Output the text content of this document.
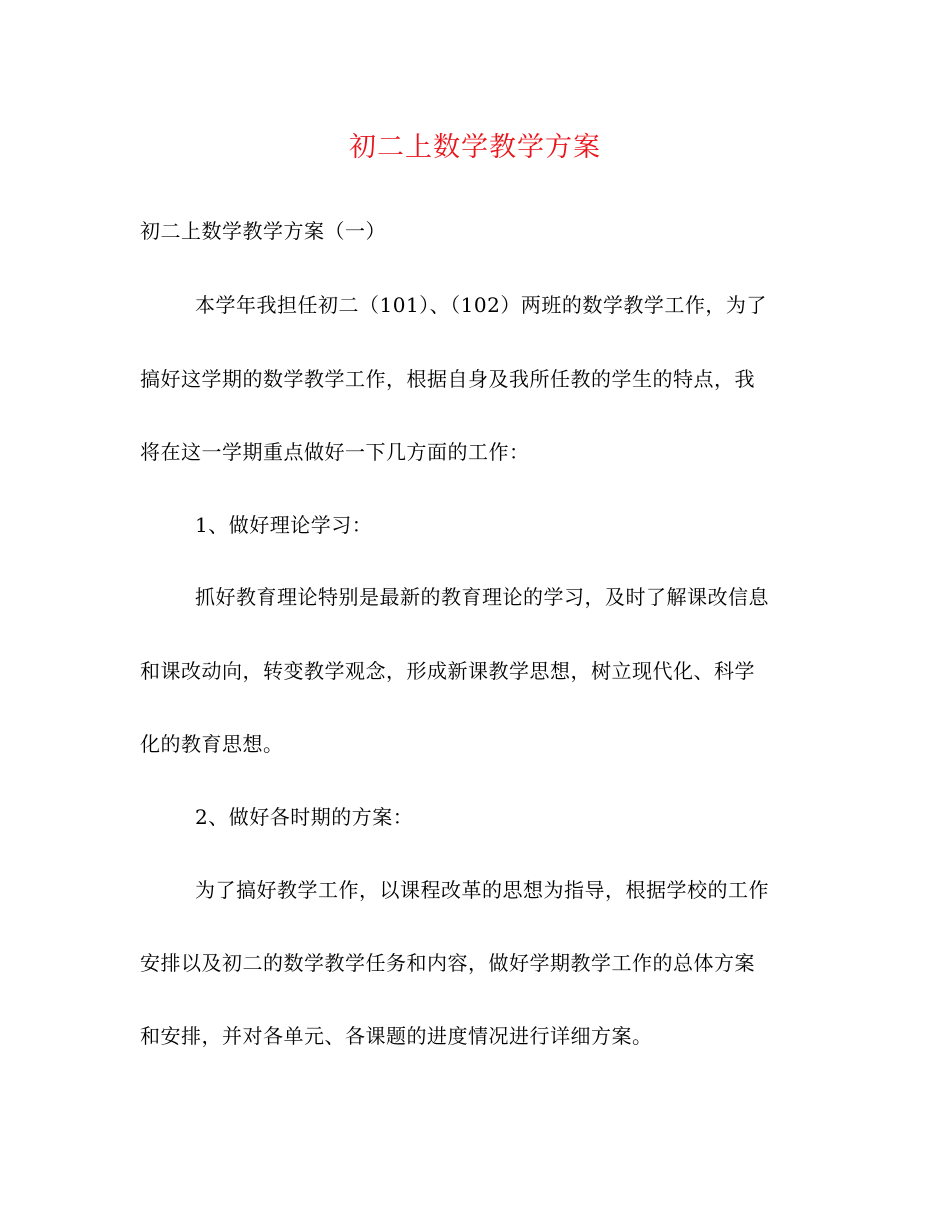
初二上数学教学方案
初二上数学教学方案（一）
本学年我担任初二（101）、（102）两班的数学教学工作，为了
搞好这学期的数学教学工作，根据自身及我所任教的学生的特点，我
将在这一学期重点做好一下几方面的工作：
1、做好理论学习：
抓好教育理论特别是最新的教育理论的学习，及时了解课改信息
和课改动向，转变教学观念，形成新课教学思想，树立现代化、科学
化的教育思想。
2、做好各时期的方案：
为了搞好教学工作，以课程改革的思想为指导，根据学校的工作
安排以及初二的数学教学任务和内容，做好学期教学工作的总体方案
和安排，并对各单元、各课题的进度情况进行详细方案。
